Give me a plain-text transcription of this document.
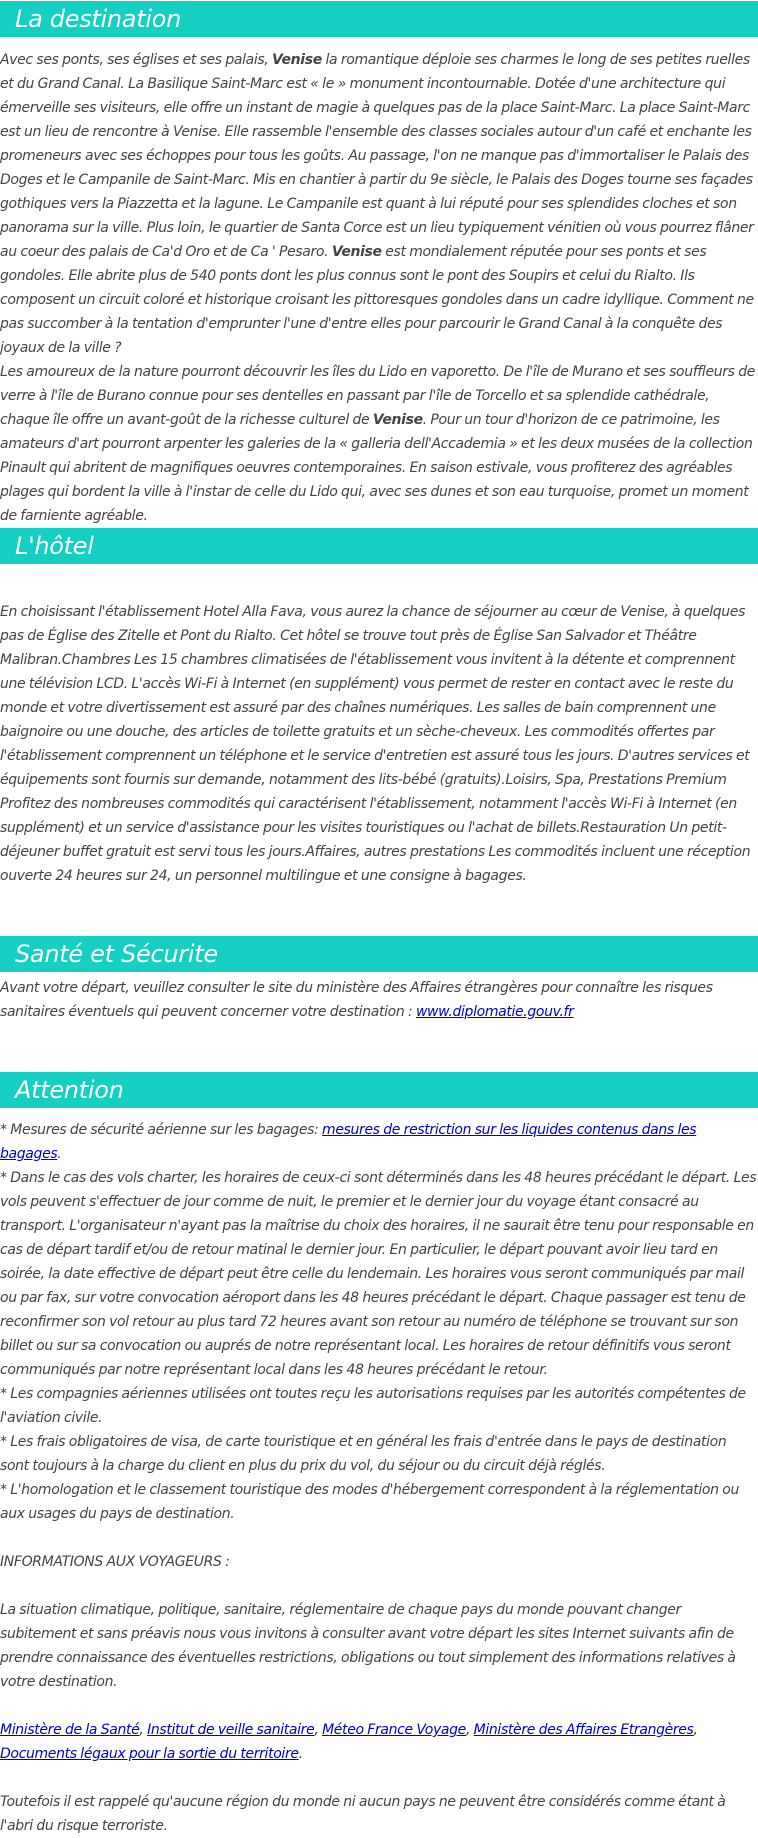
La destination

Avec ses ponts, ses églises et ses palais, Venise la romantique déploie ses charmes le long de ses petites ruelles et du Grand Canal. La Basilique Saint-Marc est « le » monument incontournable. Dotée d'une architecture qui émerveille ses visiteurs, elle offre un instant de magie à quelques pas de la place Saint-Marc. La place Saint-Marc est un lieu de rencontre à Venise. Elle rassemble l'ensemble des classes sociales autour d'un café et enchante les promeneurs avec ses échoppes pour tous les goûts. Au passage, l'on ne manque pas d'immortaliser le Palais des Doges et le Campanile de Saint-Marc. Mis en chantier à partir du 9e siècle, le Palais des Doges tourne ses façades gothiques vers la Piazzetta et la lagune. Le Campanile est quant à lui réputé pour ses splendides cloches et son panorama sur la ville. Plus loin, le quartier de Santa Corce est un lieu typiquement vénitien où vous pourrez flâner au coeur des palais de Ca'd Oro et de Ca ' Pesaro. Venise est mondialement réputée pour ses ponts et ses gondoles. Elle abrite plus de 540 ponts dont les plus connus sont le pont des Soupirs et celui du Rialto. Ils composent un circuit coloré et historique croisant les pittoresques gondoles dans un cadre idyllique. Comment ne pas succomber à la tentation d'emprunter l'une d'entre elles pour parcourir le Grand Canal à la conquête des joyaux de la ville ?

Les amoureux de la nature pourront découvrir les îles du Lido en vaporetto. De l'île de Murano et ses souffleurs de verre à l'île de Burano connue pour ses dentelles en passant par l'île de Torcello et sa splendide cathédrale, chaque île offre un avant-goût de la richesse culturel de Venise. Pour un tour d'horizon de ce patrimoine, les amateurs d'art pourront arpenter les galeries de la « galleria dell'Accademia » et les deux musées de la collection Pinault qui abritent de magnifiques oeuvres contemporaines. En saison estivale, vous profiterez des agréables plages qui bordent la ville à l'instar de celle du Lido qui, avec ses dunes et son eau turquoise, promet un moment de farniente agréable.

L'hôtel

En choisissant l'établissement Hotel Alla Fava, vous aurez la chance de séjourner au cœur de Venise, à quelques pas de Église des Zitelle et Pont du Rialto. Cet hôtel se trouve tout près de Église San Salvador et Théâtre Malibran.Chambres Les 15 chambres climatisées de l'établissement vous invitent à la détente et comprennent une télévision LCD. L'accès Wi-Fi à Internet (en supplément) vous permet de rester en contact avec le reste du monde et votre divertissement est assuré par des chaînes numériques. Les salles de bain comprennent une baignoire ou une douche, des articles de toilette gratuits et un sèche-cheveux. Les commodités offertes par l'établissement comprennent un téléphone et le service d'entretien est assuré tous les jours. D'autres services et équipements sont fournis sur demande, notamment des lits-bébé (gratuits).Loisirs, Spa, Prestations Premium Profitez des nombreuses commodités qui caractérisent l'établissement, notamment l'accès Wi-Fi à Internet (en supplément) et un service d'assistance pour les visites touristiques ou l'achat de billets.Restauration Un petit-déjeuner buffet gratuit est servi tous les jours.Affaires, autres prestations Les commodités incluent une réception ouverte 24 heures sur 24, un personnel multilingue et une consigne à bagages.

Santé et Sécurite

Avant votre départ, veuillez consulter le site du ministère des Affaires étrangères pour connaître les risques sanitaires éventuels qui peuvent concerner votre destination : www.diplomatie.gouv.fr

Attention

* Mesures de sécurité aérienne sur les bagages: mesures de restriction sur les liquides contenus dans les bagages.

* Dans le cas des vols charter, les horaires de ceux-ci sont déterminés dans les 48 heures précédant le départ. Les vols peuvent s'effectuer de jour comme de nuit, le premier et le dernier jour du voyage étant consacré au transport. L'organisateur n'ayant pas la maîtrise du choix des horaires, il ne saurait être tenu pour responsable en cas de départ tardif et/ou de retour matinal le dernier jour. En particulier, le départ pouvant avoir lieu tard en soirée, la date effective de départ peut être celle du lendemain. Les horaires vous seront communiqués par mail ou par fax, sur votre convocation aéroport dans les 48 heures précédant le départ. Chaque passager est tenu de reconfirmer son vol retour au plus tard 72 heures avant son retour au numéro de téléphone se trouvant sur son billet ou sur sa convocation ou auprés de notre représentant local. Les horaires de retour définitifs vous seront communiqués par notre représentant local dans les 48 heures précédant le retour.

* Les compagnies aériennes utilisées ont toutes reçu les autorisations requises par les autorités compétentes de l'aviation civile.

* Les frais obligatoires de visa, de carte touristique et en général les frais d'entrée dans le pays de destination sont toujours à la charge du client en plus du prix du vol, du séjour ou du circuit déjà réglés.

* L'homologation et le classement touristique des modes d'hébergement correspondent à la réglementation ou aux usages du pays de destination.

INFORMATIONS AUX VOYAGEURS :

La situation climatique, politique, sanitaire, réglementaire de chaque pays du monde pouvant changer subitement et sans préavis nous vous invitons à consulter avant votre départ les sites Internet suivants afin de prendre connaissance des éventuelles restrictions, obligations ou tout simplement des informations relatives à votre destination.

Ministère de la Santé, Institut de veille sanitaire, Méteo France Voyage, Ministère des Affaires Etrangères, Documents légaux pour la sortie du territoire.

Toutefois il est rappelé qu'aucune région du monde ni aucun pays ne peuvent être considérés comme étant à l'abri du risque terroriste.
